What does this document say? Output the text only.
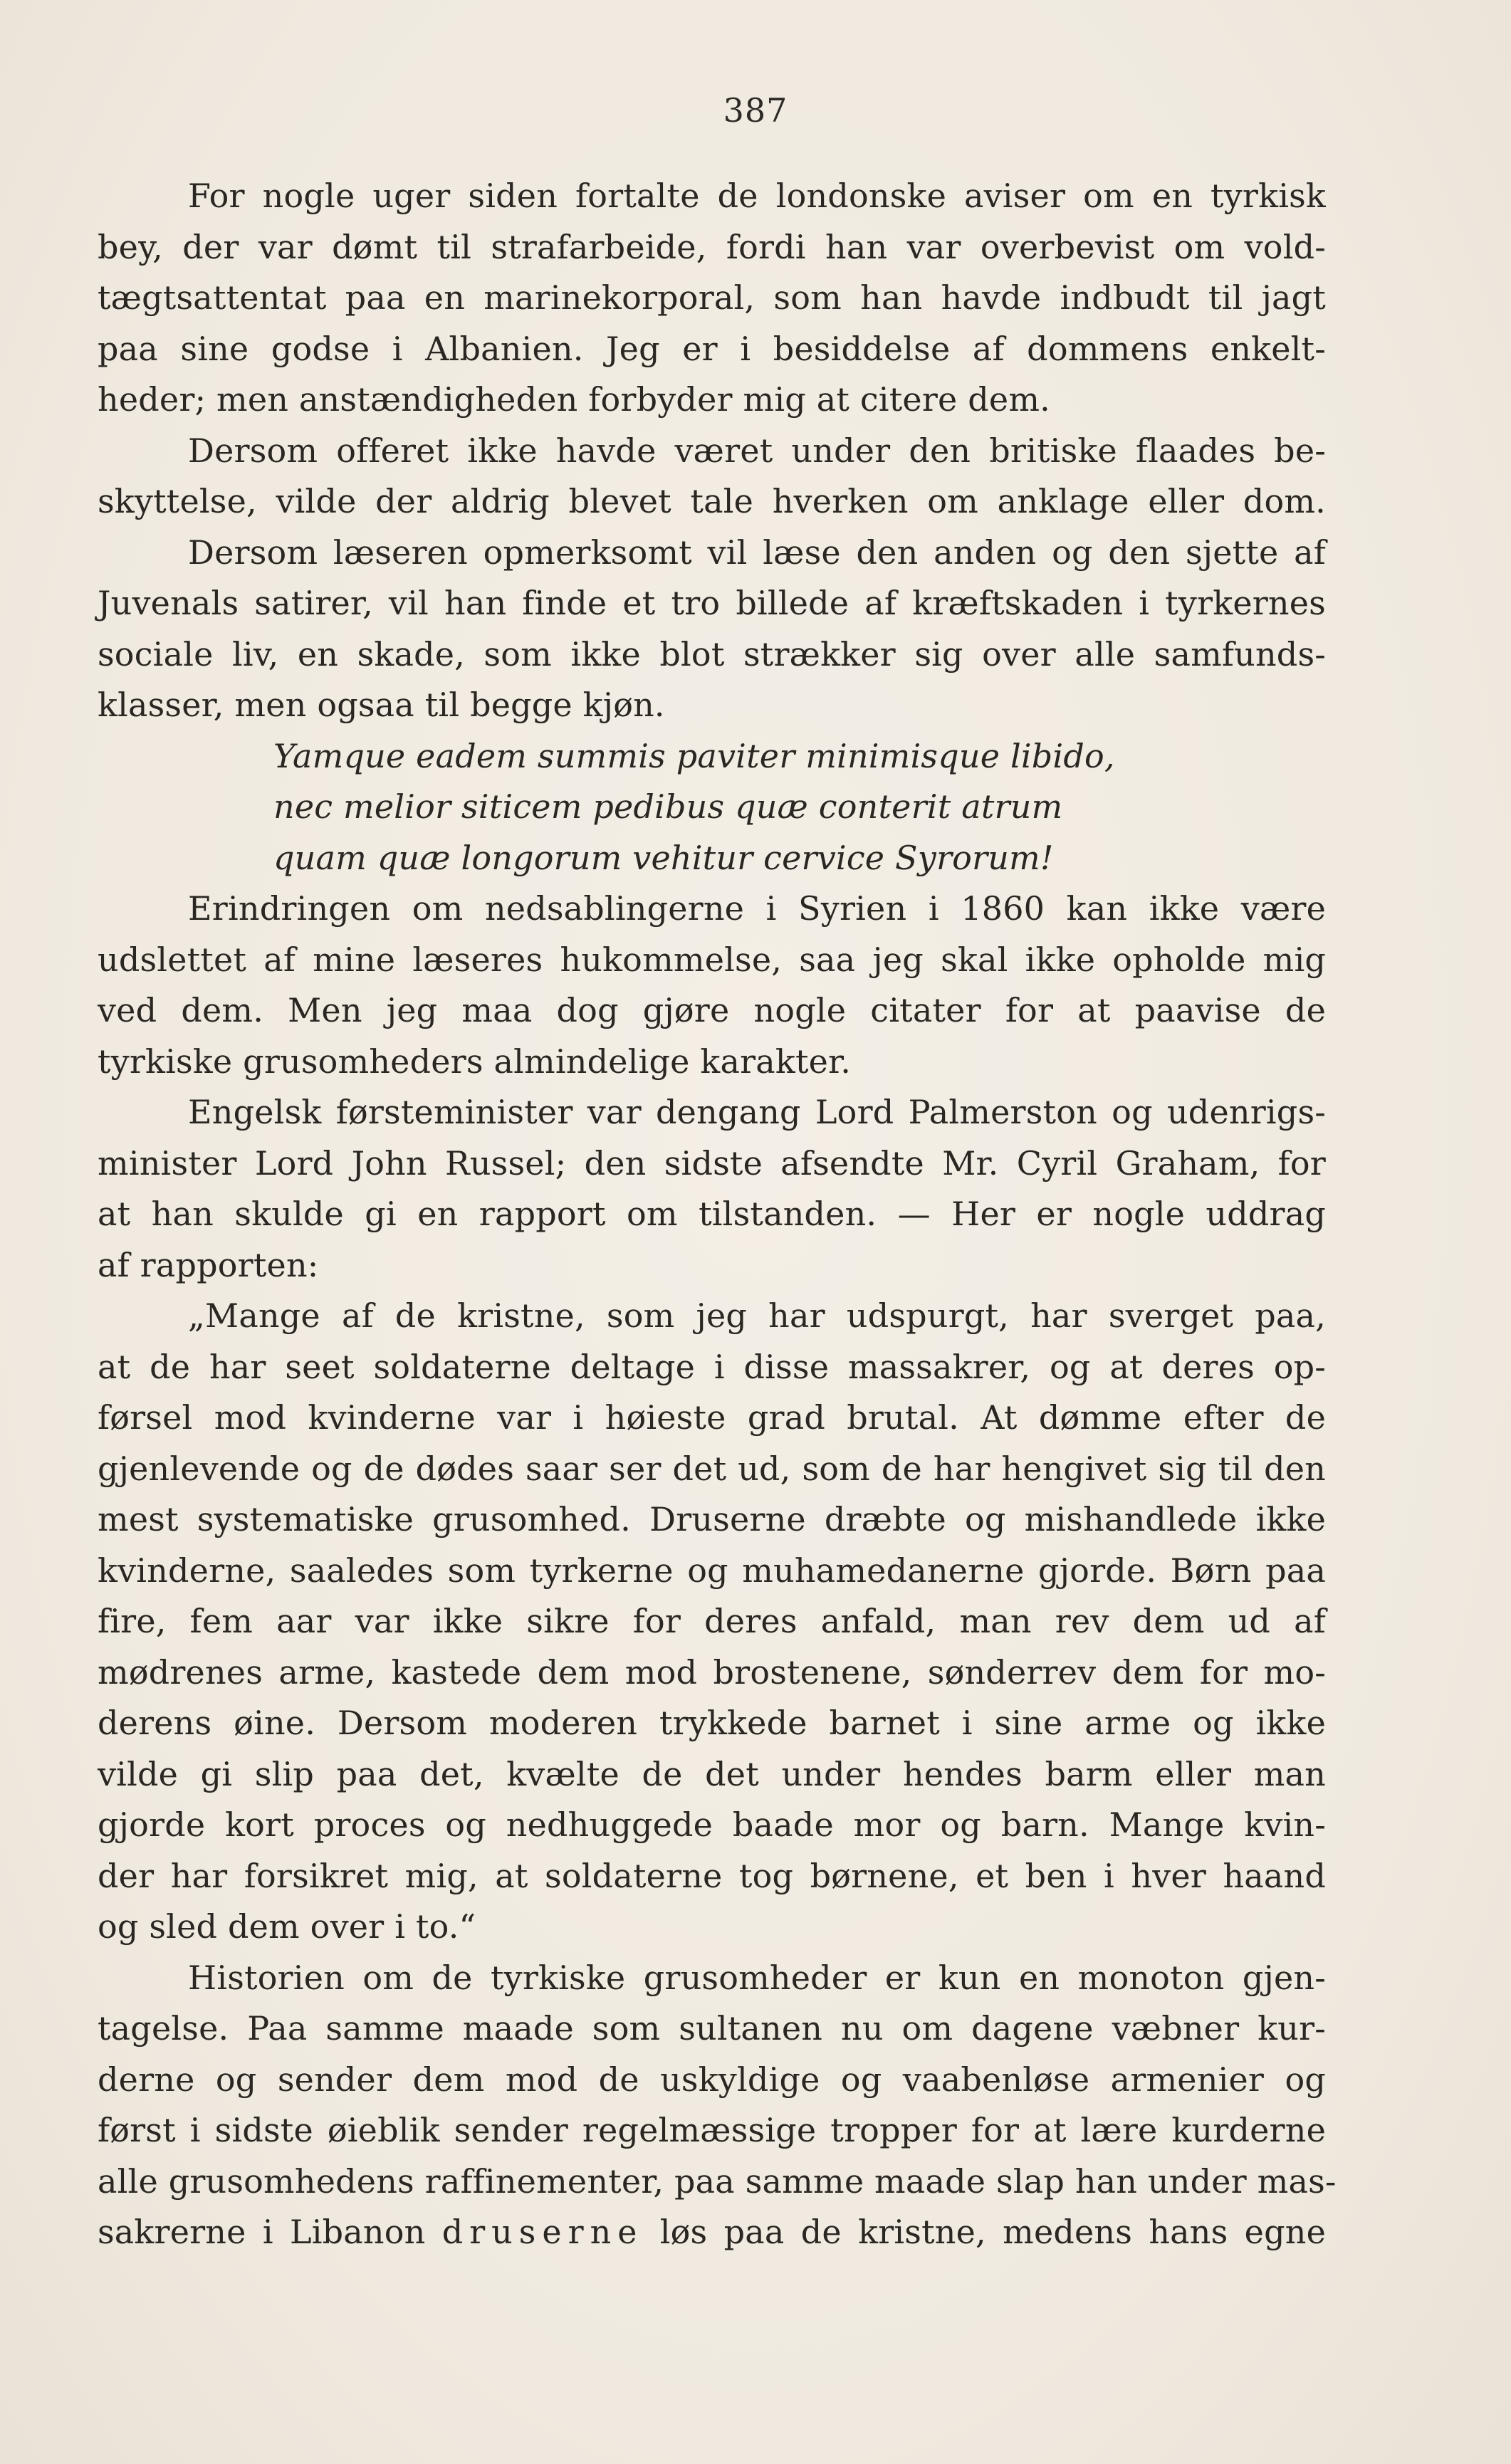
387
For nogle uger siden fortalte de londonske aviser om en tyrkisk
bey, der var dømt til strafarbeide, fordi han var overbevist om vold-
tægtsattentat paa en marinekorporal, som han havde indbudt til jagt
paa sine godse i Albanien. Jeg er i besiddelse af dommens enkelt-
heder; men anstændigheden forbyder mig at citere dem.
Dersom offeret ikke havde været under den britiske flaades be-
skyttelse, vilde der aldrig blevet tale hverken om anklage eller dom.
Dersom læseren opmerksomt vil læse den anden og den sjette af
Juvenals satirer, vil han finde et tro billede af kræftskaden i tyrkernes
sociale liv, en skade, som ikke blot strækker sig over alle samfunds-
klasser, men ogsaa til begge kjøn.
Yamque eadem summis paviter minimisque libido,
nec melior siticem pedibus quæ conterit atrum
quam quæ longorum vehitur cervice Syrorum!
Erindringen om nedsablingerne i Syrien i 1860 kan ikke være
udslettet af mine læseres hukommelse, saa jeg skal ikke opholde mig
ved dem. Men jeg maa dog gjøre nogle citater for at paavise de
tyrkiske grusomheders almindelige karakter.
Engelsk førsteminister var dengang Lord Palmerston og udenrigs-
minister Lord John Russel; den sidste afsendte Mr. Cyril Graham, for
at han skulde gi en rapport om tilstanden. — Her er nogle uddrag
af rapporten:
„Mange af de kristne, som jeg har udspurgt, har sverget paa,
at de har seet soldaterne deltage i disse massakrer, og at deres op-
førsel mod kvinderne var i høieste grad brutal. At dømme efter de
gjenlevende og de dødes saar ser det ud, som de har hengivet sig til den
mest systematiske grusomhed. Druserne dræbte og mishandlede ikke
kvinderne, saaledes som tyrkerne og muhamedanerne gjorde. Børn paa
fire, fem aar var ikke sikre for deres anfald, man rev dem ud af
mødrenes arme, kastede dem mod brostenene, sønderrev dem for mo-
derens øine. Dersom moderen trykkede barnet i sine arme og ikke
vilde gi slip paa det, kvælte de det under hendes barm eller man
gjorde kort proces og nedhuggede baade mor og barn. Mange kvin-
der har forsikret mig, at soldaterne tog børnene, et ben i hver haand
og sled dem over i to.“
Historien om de tyrkiske grusomheder er kun en monoton gjen-
tagelse. Paa samme maade som sultanen nu om dagene væbner kur-
derne og sender dem mod de uskyldige og vaabenløse armenier og
først i sidste øieblik sender regelmæssige tropper for at lære kurderne
alle grusomhedens raffinementer, paa samme maade slap han under mas-
sakrerne i Libanon druserne løs paa de kristne, medens hans egne
